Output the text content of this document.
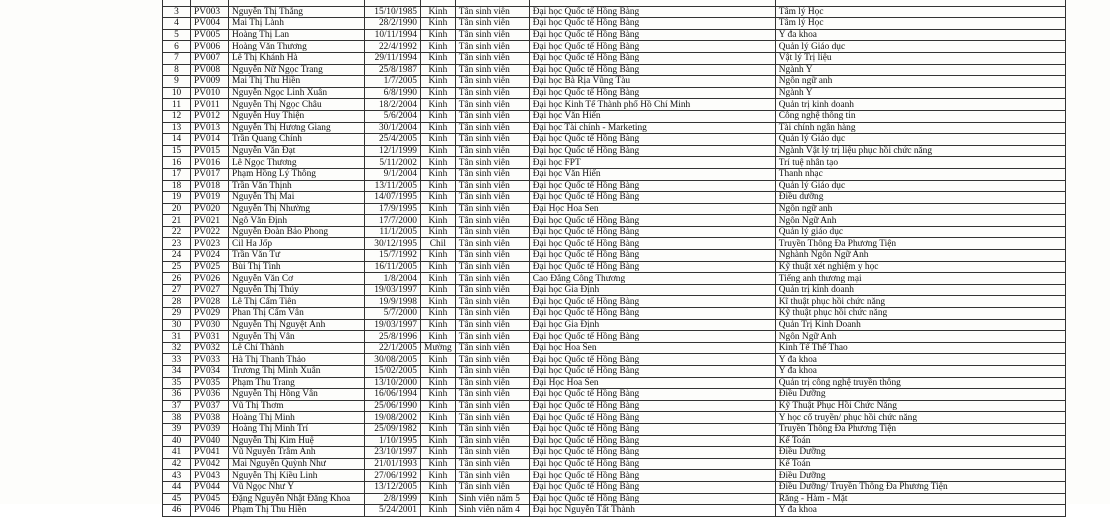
3	PV003	Nguyễn Thị Thắng	15/10/1985	Kinh	Tân sinh viên	Đại học Quốc tế Hồng Bàng	Tâm lý Học
4	PV004	Mai Thị Lành	28/2/1990	Kinh	Tân sinh viên	Đại học Quốc tế Hồng Bàng	Tâm lý Học
5	PV005	Hoàng Thị Lan	10/11/1994	Kinh	Tân sinh viên	Đại học Quốc tế Hồng Bàng	Y đa khoa
6	PV006	Hoàng Văn Thương	22/4/1992	Kinh	Tân sinh viên	Đại học Quốc tế Hồng Bàng	Quản lý Giáo dục
7	PV007	Lê Thị Khánh Hà	29/11/1994	Kinh	Tân sinh viên	Đại học Quốc tế Hồng Bàng	Vật lý Trị liệu
8	PV008	Nguyễn Nữ Ngọc Trang	25/8/1987	Kinh	Tân sinh viên	Đại học Quốc tế Hồng Bàng	Ngành Y
9	PV009	Mai Thị Thu Hiền	1/7/2005	Kinh	Tân sinh viên	Đại học Bà Rịa Vũng Tàu	Ngôn ngữ anh
10	PV010	Nguyễn Ngọc Linh Xuân	6/8/1990	Kinh	Tân sinh viên	Đại học Quốc tế Hồng Bàng	Ngành Y
11	PV011	Nguyễn Thị Ngọc Châu	18/2/2004	Kinh	Tân sinh viên	Đại học Kinh Tế Thành phố Hồ Chí Minh	Quản trị kinh doanh
12	PV012	Nguyễn Huy Thiện	5/6/2004	Kinh	Tân sinh viên	Đại học Văn Hiến	Công nghệ thông tin
13	PV013	Nguyễn Thị Hương Giang	30/1/2004	Kinh	Tân sinh viên	Đại học Tài chính - Marketing	Tài chính ngân hàng
14	PV014	Trần Quang Chính	25/4/2005	Kinh	Tân sinh viên	Đại học Quốc tế Hồng Bàng	Quản lý Giáo dục
15	PV015	Nguyễn Văn Đạt	12/1/1999	Kinh	Tân sinh viên	Đại học Quốc tế Hồng Bàng	Ngành Vật lý trị liệu phục hồi chức năng
16	PV016	Lê Ngọc Thương	5/11/2002	Kinh	Tân sinh viên	Đại học FPT	Trí tuệ nhân tạo
17	PV017	Phạm Hồng Lý Thông	9/1/2004	Kinh	Tân sinh viên	Đại học Văn Hiến	Thanh nhạc
18	PV018	Trần Văn Thịnh	13/11/2005	Kinh	Tân sinh viên	Đại học Quốc tế Hồng Bàng	Quản lý Giáo dục
19	PV019	Nguyễn Thị Mai	14/07/1995	Kinh	Tân sinh viên	Đại học Quốc tế Hồng Bàng	Điều dưỡng
20	PV020	Nguyễn Thị Nhường	17/9/1995	Kinh	Tân sinh viên	Đại Học Hoa Sen	Ngôn ngữ anh
21	PV021	Ngô Văn Định	17/7/2000	Kinh	Tân sinh viên	Đại học Quốc tế Hồng Bàng	Ngôn Ngữ Anh
22	PV022	Nguyễn Đoàn Bảo Phong	11/1/2005	Kinh	Tân sinh viên	Đại học Quốc tế Hồng Bàng	Quản lý giáo dục
23	PV023	Cil Ha Jốp	30/12/1995	Chil	Tân sinh viên	Đại học Quốc tế Hồng Bàng	Truyền Thông Đa Phương Tiện
24	PV024	Trần Văn Tư	15/7/1992	Kinh	Tân sinh viên	Đại học Quốc tế Hồng Bàng	Nghành Ngôn Ngữ Anh
25	PV025	Bùi Thị Tình	16/11/2005	Kinh	Tân sinh viên	Đại học Quốc tế Hồng Bàng	Kỹ thuật xét nghiệm y học
26	PV026	Nguyễn Văn Cơ	1/8/2004	Kinh	Tân sinh viên	Cao Đẳng Công Thương	Tiếng anh thương mại
27	PV027	Nguyễn Thị Thúy	19/03/1997	Kinh	Tân sinh viên	Đại học Gia Định	Quản trị kinh doanh
28	PV028	Lê Thị Cẩm Tiên	19/9/1998	Kinh	Tân sinh viên	Đại học Quốc tế Hồng Bàng	Kĩ thuật phục hồi chức năng
29	PV029	Phan Thị Cẩm Vân	5/7/2000	Kinh	Tân sinh viên	Đại học Quốc tế Hồng Bàng	Kỹ thuật phục hồi chức năng
30	PV030	Nguyễn Thị Nguyệt Ánh	19/03/1997	Kinh	Tân sinh viên	Đại học Gia Định	Quản Trị Kinh Doanh
31	PV031	Nguyễn Thị Vân	25/8/1996	Kinh	Tân sinh viên	Đại học Quốc tế Hồng Bàng	Ngôn Ngữ Anh
32	PV032	Lê Chí Thành	22/1/2005	Mường	Tân sinh viên	Đại học Hoa Sen	Kinh Tế Thể Thao
33	PV033	Hà Thị Thanh Thảo	30/08/2005	Kinh	Tân sinh viên	Đại học Quốc tế Hồng Bàng	Y đa khoa
34	PV034	Trương Thị Minh Xuân	15/02/2005	Kinh	Tân sinh viên	Đại học Quốc tế Hồng Bàng	Y đa khoa
35	PV035	Phạm Thu Trang	13/10/2000	Kinh	Tân sinh viên	Đại Học Hoa Sen	Quản trị công nghệ truyền thông
36	PV036	Nguyễn Thị Hồng Vân	16/06/1994	Kinh	Tân sinh viên	Đại học Quốc tế Hồng Bàng	Điều Dưỡng
37	PV037	Vũ Thị Thơm	25/06/1990	Kinh	Tân sinh viên	Đại học Quốc tế Hồng Bàng	Kỹ Thuật Phục Hồi Chức Năng
38	PV038	Hoàng Thị Minh	19/08/2002	Kinh	Tân sinh viên	Đại học Quốc tế Hồng Bàng	Y học cổ truyền/ phục hồi chức năng
39	PV039	Hoàng Thị Minh Trí	25/09/1982	Kinh	Tân sinh viên	Đại học Quốc tế Hồng Bàng	Truyền Thông Đa Phương Tiện
40	PV040	Nguyễn Thị Kim Huệ	1/10/1995	Kinh	Tân sinh viên	Đại học Quốc tế Hồng Bàng	Kế Toán
41	PV041	Vũ Nguyễn Trâm Anh	23/10/1997	Kinh	Tân sinh viên	Đại học Quốc tế Hồng Bàng	Điều Dưỡng
42	PV042	Mai Nguyễn Quỳnh Như	21/01/1993	Kinh	Tân sinh viên	Đại học Quốc tế Hồng Bàng	Kế Toán
43	PV043	Nguyễn Thị Kiều Linh	27/06/1992	Kinh	Tân sinh viên	Đại học Quốc tế Hồng Bàng	Điều Dưỡng
44	PV044	Vũ Ngọc Như Ý	13/12/2005	Kinh	Tân sinh viên	Đại học Quốc tế Hồng Bàng	Điều Dưỡng/ Truyền Thông Đa Phương Tiện
45	PV045	Đặng Nguyễn Nhật Đăng Khoa	2/8/1999	Kinh	Sinh viên năm 5	Đại học Quốc tế Hồng Bàng	Răng - Hàm - Mặt
46	PV046	Phạm Thị Thu Hiền	5/24/2001	Kinh	Sinh viên năm 4	Đại học Nguyễn Tất Thành	Y đa khoa
